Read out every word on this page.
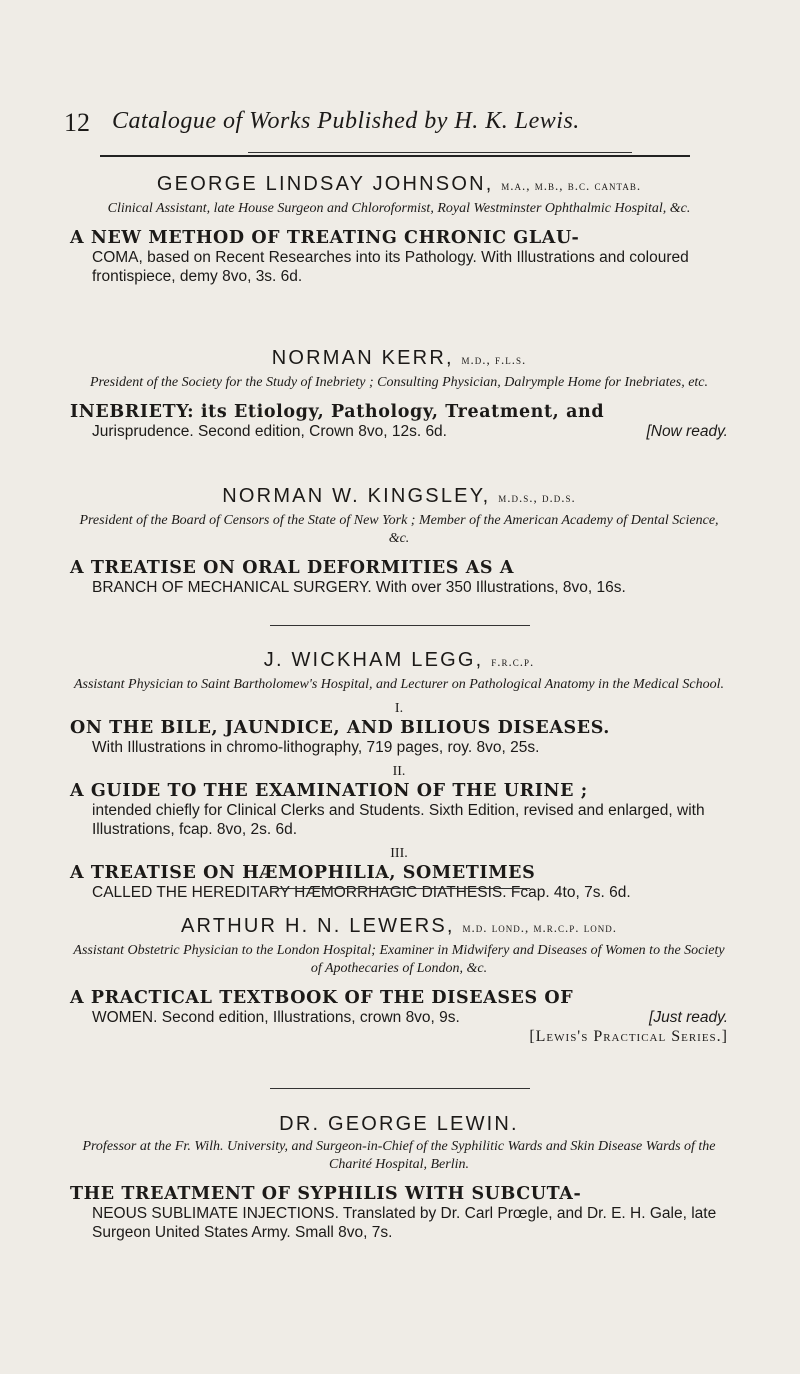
12 Catalogue of Works Published by H. K. Lewis.
GEORGE LINDSAY JOHNSON, m.a., m.b., b.c. cantab.
Clinical Assistant, late House Surgeon and Chloroformist, Royal Westminster Ophthalmic Hospital, &c.
A NEW METHOD OF TREATING CHRONIC GLAU-
COMA, based on Recent Researches into its Pathology. With Illustrations and coloured frontispiece, demy 8vo, 3s. 6d.
NORMAN KERR, m.d., f.l.s.
President of the Society for the Study of Inebriety ; Consulting Physician, Dalrymple Home for Inebriates, etc.
INEBRIETY: its Etiology, Pathology, Treatment, and
Jurisprudence. Second edition, Crown 8vo, 12s. 6d.	[Now ready.
NORMAN W. KINGSLEY, m.d.s., d.d.s.
President of the Board of Censors of the State of New York ; Member of the American Academy of Dental Science, &c.
A TREATISE ON ORAL DEFORMITIES AS A
BRANCH OF MECHANICAL SURGERY. With over 350 Illustrations, 8vo, 16s.
J. WICKHAM LEGG, f.r.c.p.
Assistant Physician to Saint Bartholomew's Hospital, and Lecturer on Pathological Anatomy in the Medical School.
I.
ON THE BILE, JAUNDICE, AND BILIOUS DISEASES.
With Illustrations in chromo-lithography, 719 pages, roy. 8vo, 25s.
II.
A GUIDE TO THE EXAMINATION OF THE URINE ;
intended chiefly for Clinical Clerks and Students. Sixth Edition, revised and enlarged, with Illustrations, fcap. 8vo, 2s. 6d.
III.
A TREATISE ON HÆMOPHILIA, SOMETIMES
CALLED THE HEREDITARY HÆMORRHAGIC DIATHESIS. Fcap. 4to, 7s. 6d.
ARTHUR H. N. LEWERS, m.d. lond., m.r.c.p. lond.
Assistant Obstetric Physician to the London Hospital; Examiner in Midwifery and Diseases of Women to the Society of Apothecaries of London, &c.
A PRACTICAL TEXTBOOK OF THE DISEASES OF
WOMEN. Second edition, Illustrations, crown 8vo, 9s.	[Just ready.
[Lewis's Practical Series.]
DR. GEORGE LEWIN.
Professor at the Fr. Wilh. University, and Surgeon-in-Chief of the Syphilitic Wards and Skin Disease Wards of the Charité Hospital, Berlin.
THE TREATMENT OF SYPHILIS WITH SUBCUTA-
NEOUS SUBLIMATE INJECTIONS. Translated by Dr. Carl Prœgle, and Dr. E. H. Gale, late Surgeon United States Army. Small 8vo, 7s.
